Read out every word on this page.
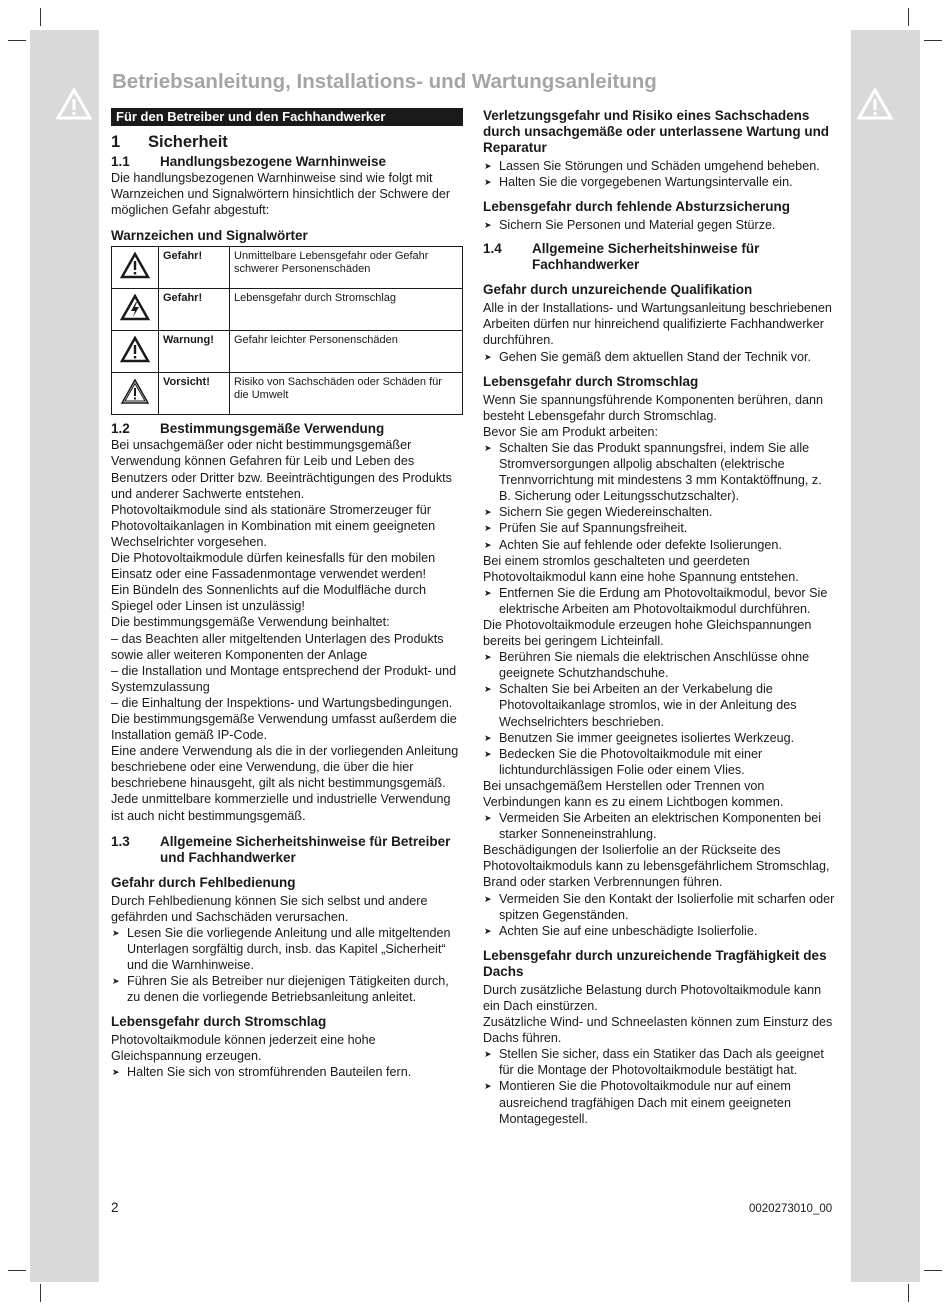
Betriebsanleitung, Installations- und Wartungsanleitung
Für den Betreiber und den Fachhandwerker
1	Sicherheit
1.1	Handlungsbezogene Warnhinweise

Die handlungsbezogenen Warnhinweise sind wie folgt mit Warnzeichen und Signalwörtern hinsichtlich der Schwere der möglichen Gefahr abgestuft:

Warnzeichen und Signalwörter
	Gefahr!	Unmittelbare Lebensgefahr oder Gefahr schwerer Personenschäden
	Gefahr!	Lebensgefahr durch Stromschlag
	Warnung!	Gefahr leichter Personenschäden
	Vorsicht!	Risiko von Sachschäden oder Schäden für die Umwelt
1.2	Bestimmungsgemäße Verwendung

Bei unsachgemäßer oder nicht bestimmungsgemäßer Verwendung können Gefahren für Leib und Leben des Benutzers oder Dritter bzw. Beeinträchtigungen des Produkts und anderer Sachwerte entstehen.

Photovoltaikmodule sind als stationäre Stromerzeuger für Photovoltaikanlagen in Kombination mit einem geeigneten Wechselrichter vorgesehen.

Die Photovoltaikmodule dürfen keinesfalls für den mobilen Einsatz oder eine Fassadenmontage verwendet werden!

Ein Bündeln des Sonnenlichts auf die Modulfläche durch Spiegel oder Linsen ist unzulässig!

Die bestimmungsgemäße Verwendung beinhaltet:

– das Beachten aller mitgeltenden Unterlagen des Produkts sowie aller weiteren Komponenten der Anlage

– die Installation und Montage entsprechend der Produkt- und Systemzulassung

– die Einhaltung der Inspektions- und Wartungsbedingungen.

Die bestimmungsgemäße Verwendung umfasst außerdem die Installation gemäß IP-Code.

Eine andere Verwendung als die in der vorliegenden Anleitung beschriebene oder eine Verwendung, die über die hier beschriebene hinausgeht, gilt als nicht bestimmungsgemäß. Jede unmittelbare kommerzielle und industrielle Verwendung ist auch nicht bestimmungsgemäß.

1.3	Allgemeine Sicherheitshinweise für Betreiber und Fachhandwerker
Gefahr durch Fehlbedienung

Durch Fehlbedienung können Sie sich selbst und andere gefährden und Sachschäden verursachen.

➤ Lesen Sie die vorliegende Anleitung und alle mitgeltenden Unterlagen sorgfältig durch, insb. das Kapitel „Sicherheit“ und die Warnhinweise.
➤ Führen Sie als Betreiber nur diejenigen Tätigkeiten durch, zu denen die vorliegende Betriebsanleitung anleitet.
Lebensgefahr durch Stromschlag

Photovoltaikmodule können jederzeit eine hohe Gleichspannung erzeugen.

➤ Halten Sie sich von stromführenden Bauteilen fern.
Verletzungsgefahr und Risiko eines Sachschadens durch unsachgemäße oder unterlassene Wartung und Reparatur
➤ Lassen Sie Störungen und Schäden umgehend beheben.
➤ Halten Sie die vorgegebenen Wartungsintervalle ein.
Lebensgefahr durch fehlende Absturzsicherung
➤ Sichern Sie Personen und Material gegen Stürze.
1.4	Allgemeine Sicherheitshinweise für Fachhandwerker
Gefahr durch unzureichende Qualifikation

Alle in der Installations- und Wartungsanleitung beschriebenen Arbeiten dürfen nur hinreichend qualifizierte Fachhandwerker durchführen.

➤ Gehen Sie gemäß dem aktuellen Stand der Technik vor.
Lebensgefahr durch Stromschlag

Wenn Sie spannungsführende Komponenten berühren, dann besteht Lebensgefahr durch Stromschlag.

Bevor Sie am Produkt arbeiten:

➤ Schalten Sie das Produkt spannungsfrei, indem Sie alle Stromversorgungen allpolig abschalten (elektrische Trennvorrichtung mit mindestens 3 mm Kontaktöffnung, z. B. Sicherung oder Leitungsschutzschalter).
➤ Sichern Sie gegen Wiedereinschalten.
➤ Prüfen Sie auf Spannungsfreiheit.
➤ Achten Sie auf fehlende oder defekte Isolierungen.

Bei einem stromlos geschalteten und geerdeten Photovoltaikmodul kann eine hohe Spannung entstehen.

➤ Entfernen Sie die Erdung am Photovoltaikmodul, bevor Sie elektrische Arbeiten am Photovoltaikmodul durchführen.

Die Photovoltaikmodule erzeugen hohe Gleichspannungen bereits bei geringem Lichteinfall.

➤ Berühren Sie niemals die elektrischen Anschlüsse ohne geeignete Schutzhandschuhe.
➤ Schalten Sie bei Arbeiten an der Verkabelung die Photovoltaikanlage stromlos, wie in der Anleitung des Wechselrichters beschrieben.
➤ Benutzen Sie immer geeignetes isoliertes Werkzeug.
➤ Bedecken Sie die Photovoltaikmodule mit einer lichtundurchlässigen Folie oder einem Vlies.

Bei unsachgemäßem Herstellen oder Trennen von Verbindungen kann es zu einem Lichtbogen kommen.

➤ Vermeiden Sie Arbeiten an elektrischen Komponenten bei starker Sonneneinstrahlung.

Beschädigungen der Isolierfolie an der Rückseite des Photovoltaikmoduls kann zu lebensgefährlichem Stromschlag, Brand oder starken Verbrennungen führen.

➤ Vermeiden Sie den Kontakt der Isolierfolie mit scharfen oder spitzen Gegenständen.
➤ Achten Sie auf eine unbeschädigte Isolierfolie.
Lebensgefahr durch unzureichende Tragfähigkeit des Dachs

Durch zusätzliche Belastung durch Photovoltaikmodule kann ein Dach einstürzen.

Zusätzliche Wind- und Schneelasten können zum Einsturz des Dachs führen.

➤ Stellen Sie sicher, dass ein Statiker das Dach als geeignet für die Montage der Photovoltaikmodule bestätigt hat.
➤ Montieren Sie die Photovoltaikmodule nur auf einem ausreichend tragfähigen Dach mit einem geeigneten Montagegestell.
2	0020273010_00
